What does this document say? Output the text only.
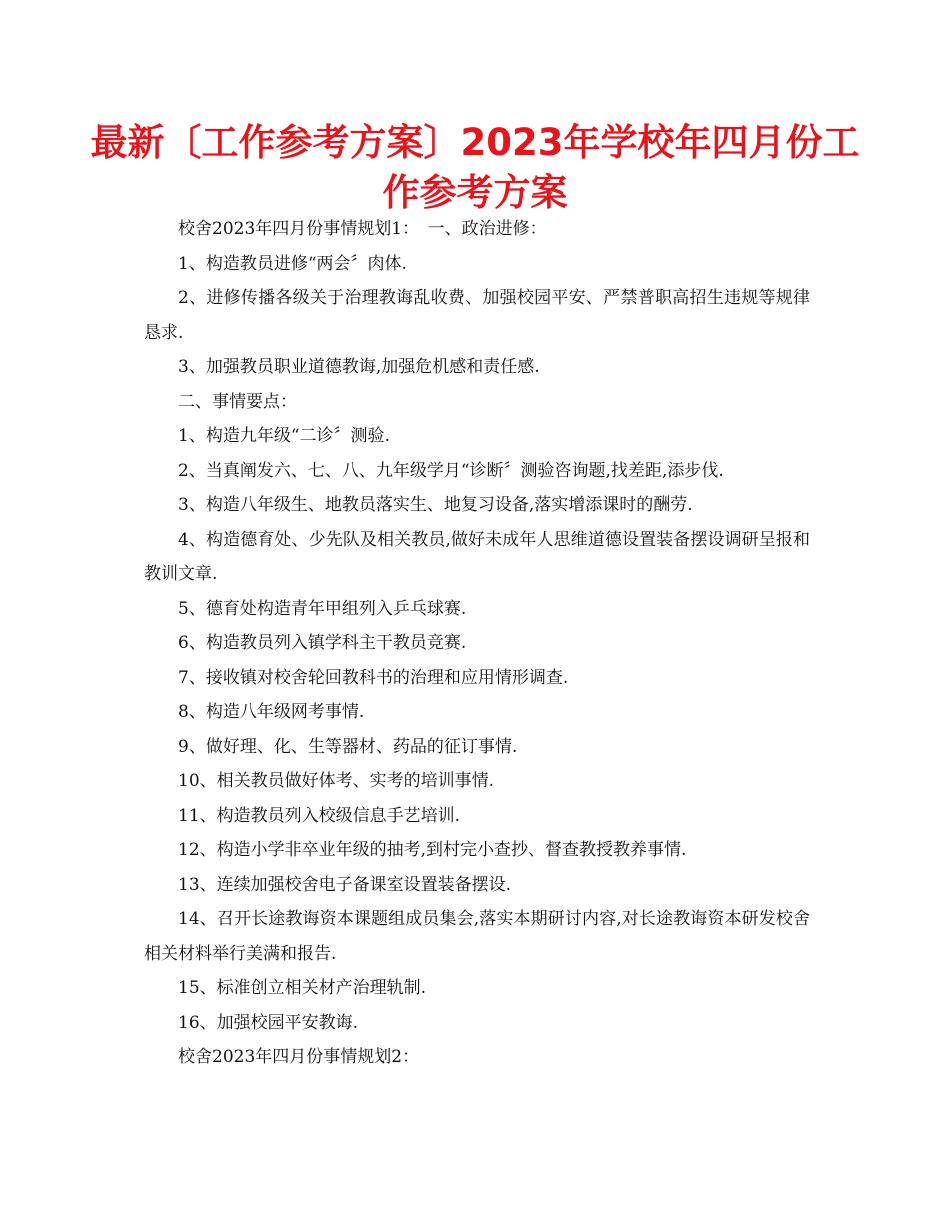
最新〔工作参考方案〕2023年学校年四月份工作参考方案

校舍2023年四月份事情规划1：　一、政治进修：

1、构造教员进修“两会〞肉体.

2、进修传播各级关于治理教诲乱收费、加强校园平安、严禁普职高招生违规等规律恳求.

3、加强教员职业道德教诲,加强危机感和责任感.

二、事情要点：

1、构造九年级“二诊〞测验.

2、当真阐发六、七、八、九年级学月“诊断〞测验咨询题,找差距,添步伐.

3、构造八年级生、地教员落实生、地复习设备,落实增添课时的酬劳.

4、构造德育处、少先队及相关教员,做好未成年人思维道德设置装备摆设调研呈报和教训文章.

5、德育处构造青年甲组列入乒乓球赛.

6、构造教员列入镇学科主干教员竞赛.

7、接收镇对校舍轮回教科书的治理和应用情形调查.

8、构造八年级网考事情.

9、做好理、化、生等器材、药品的征订事情.

10、相关教员做好体考、实考的培训事情.

11、构造教员列入校级信息手艺培训.

12、构造小学非卒业年级的抽考,到村完小查抄、督查教授教养事情.

13、连续加强校舍电子备课室设置装备摆设.

14、召开长途教诲资本课题组成员集会,落实本期研讨内容,对长途教诲资本研发校舍相关材料举行美满和报告.

15、标准创立相关材产治理轨制.

16、加强校园平安教诲.

校舍2023年四月份事情规划2：
